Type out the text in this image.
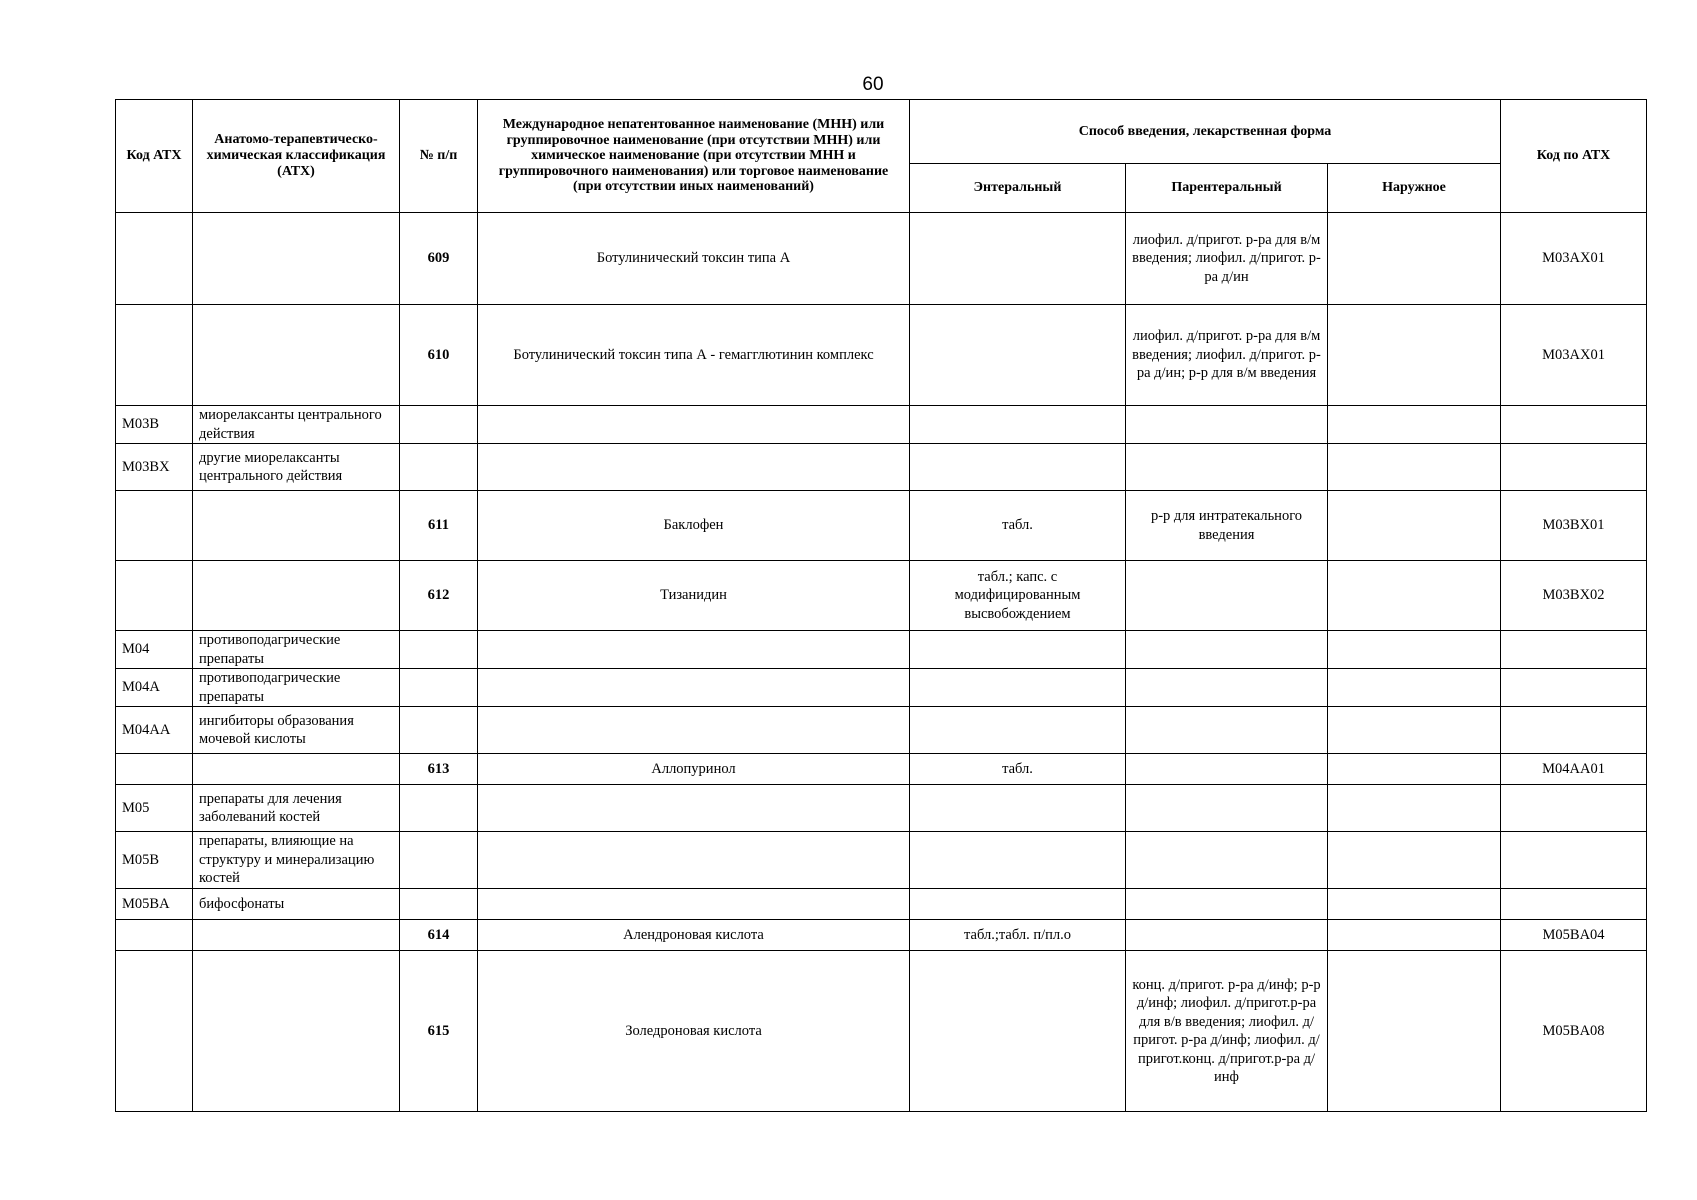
60
Код АТХ	Анатомо-терапевтическо-химическая классификация (АТХ)	№ п/п	Международное непатентованное наименование (МНН) или группировочное наименование (при отсутствии МНН) или химическое наименование (при отсутствии МНН и группировочного наименования) или торговое наименование (при отсутствии иных наименований)	Способ введения, лекарственная форма			Код по АТХ
				Энтеральный	Парентеральный	Наружное	
		609	Ботулинический токсин типа А		лиофил. д/пригот. р-ра для в/м введения; лиофил. д/пригот. р-ра д/ин		M03AX01
		610	Ботулинический токсин типа А - гемагглютинин комплекс		лиофил. д/пригот. р-ра для в/м введения; лиофил. д/пригот. р-ра д/ин; р-р для в/м введения		M03AX01
M03B	миорелаксанты центрального действия						
M03BX	другие миорелаксанты центрального действия						
		611	Баклофен	табл.	р-р для интратекального введения		M03BX01
		612	Тизанидин	табл.; капс. с модифицированным высвобождением			M03BX02
M04	противоподагрические препараты						
M04A	противоподагрические препараты						
M04AA	ингибиторы образования мочевой кислоты						
		613	Аллопуринол	табл.			M04AA01
M05	препараты для лечения заболеваний костей						
M05B	препараты, влияющие на структуру и минерализацию костей						
M05BA	бифосфонаты						
		614	Алендроновая кислота	табл.;табл. п/пл.о			M05BA04
		615	Золедроновая кислота		конц. д/пригот. р-ра д/инф; р-р д/инф; лиофил. д/пригот.р-ра для в/в введения; лиофил. д/пригот. р-ра д/инф; лиофил. д/пригот.конц. д/пригот.р-ра д/инф		M05BA08
